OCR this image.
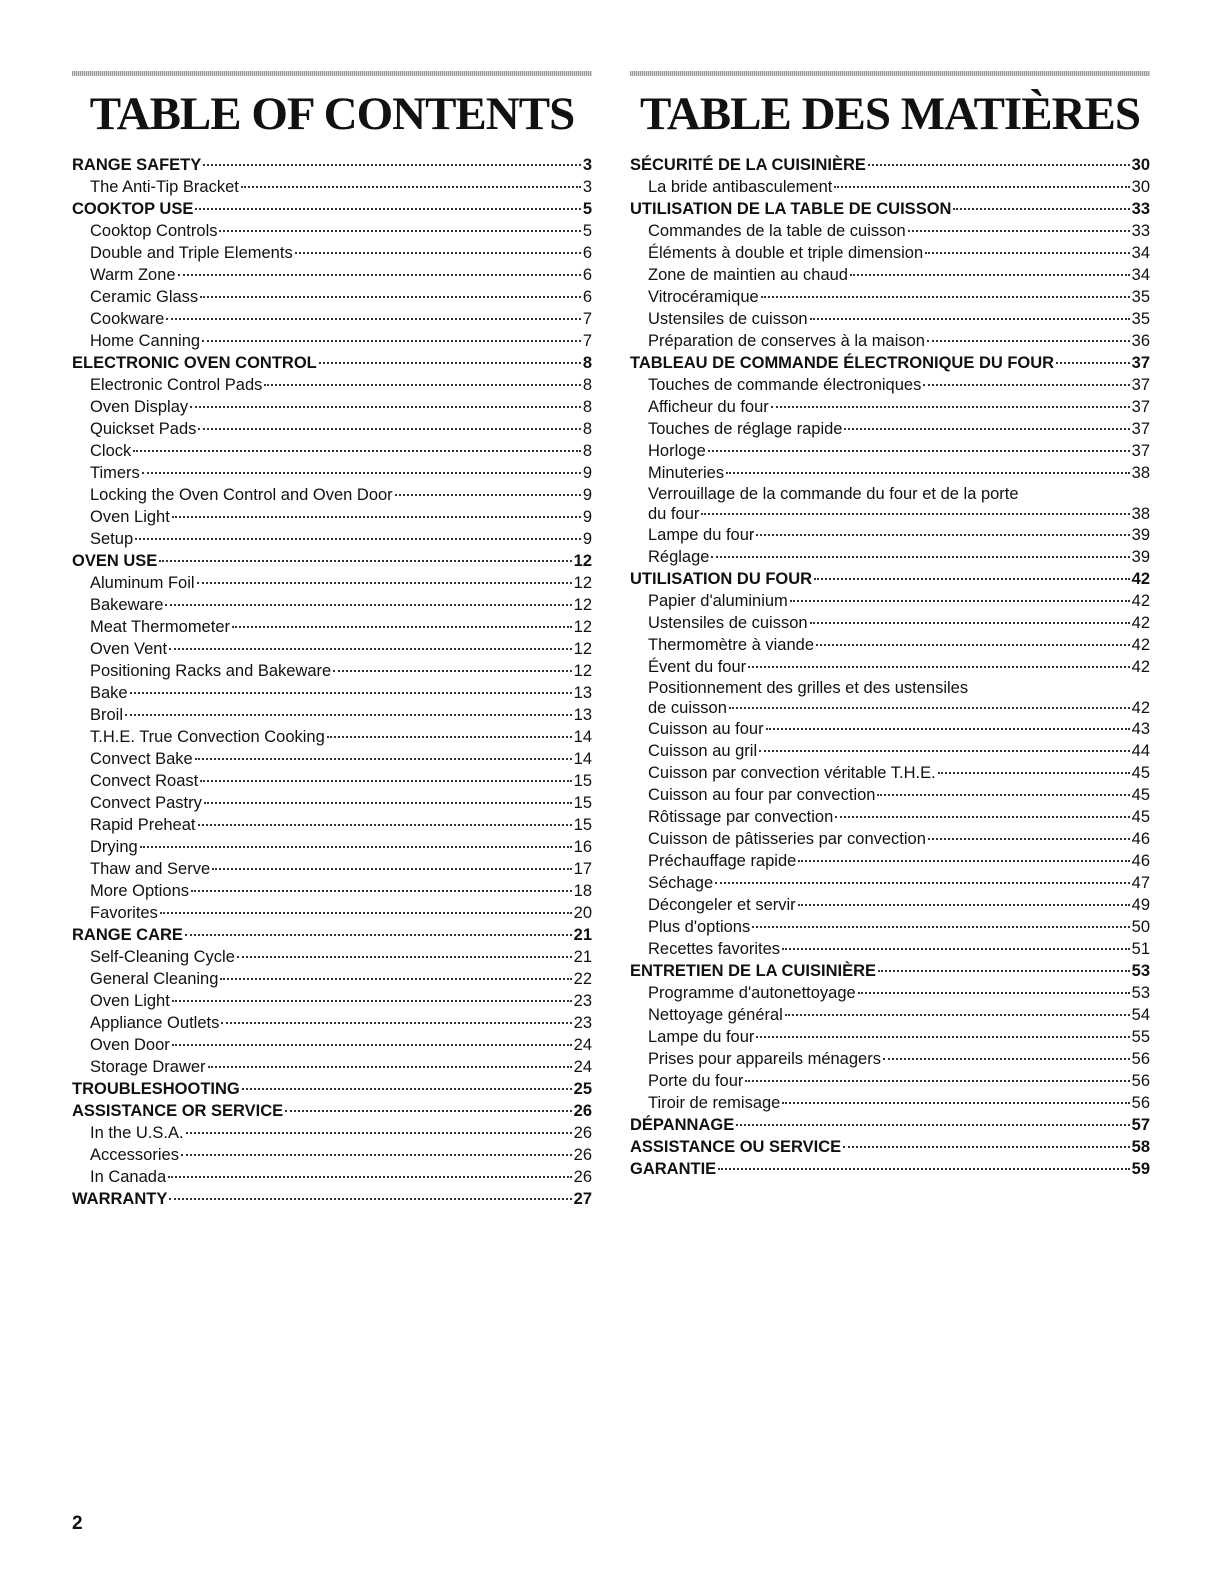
TABLE OF CONTENTS
RANGE SAFETY	3
The Anti-Tip Bracket	3
COOKTOP USE	5
Cooktop Controls	5
Double and Triple Elements	6
Warm Zone	6
Ceramic Glass	6
Cookware	7
Home Canning	7
ELECTRONIC OVEN CONTROL	8
Electronic Control Pads	8
Oven Display	8
Quickset Pads	8
Clock	8
Timers	9
Locking the Oven Control and Oven Door	9
Oven Light	9
Setup	9
OVEN USE	12
Aluminum Foil	12
Bakeware	12
Meat Thermometer	12
Oven Vent	12
Positioning Racks and Bakeware	12
Bake	13
Broil	13
T.H.E. True Convection Cooking	14
Convect Bake	14
Convect Roast	15
Convect Pastry	15
Rapid Preheat	15
Drying	16
Thaw and Serve	17
More Options	18
Favorites	20
RANGE CARE	21
Self-Cleaning Cycle	21
General Cleaning	22
Oven Light	23
Appliance Outlets	23
Oven Door	24
Storage Drawer	24
TROUBLESHOOTING	25
ASSISTANCE OR SERVICE	26
In the U.S.A.	26
Accessories	26
In Canada	26
WARRANTY	27
TABLE DES MATIÈRES
SÉCURITÉ DE LA CUISINIÈRE	30
La bride antibasculement	30
UTILISATION DE LA TABLE DE CUISSON	33
Commandes de la table de cuisson	33
Éléments à double et triple dimension	34
Zone de maintien au chaud	34
Vitrocéramique	35
Ustensiles de cuisson	35
Préparation de conserves à la maison	36
TABLEAU DE COMMANDE ÉLECTRONIQUE DU FOUR	37
Touches de commande électroniques	37
Afficheur du four	37
Touches de réglage rapide	37
Horloge	37
Minuteries	38
Verrouillage de la commande du four et de la porte
du four	38
Lampe du four	39
Réglage	39
UTILISATION DU FOUR	42
Papier d'aluminium	42
Ustensiles de cuisson	42
Thermomètre à viande	42
Évent du four	42
Positionnement des grilles et des ustensiles
de cuisson	42
Cuisson au four	43
Cuisson au gril	44
Cuisson par convection véritable T.H.E.	45
Cuisson au four par convection	45
Rôtissage par convection	45
Cuisson de pâtisseries par convection	46
Préchauffage rapide	46
Séchage	47
Décongeler et servir	49
Plus d'options	50
Recettes favorites	51
ENTRETIEN DE LA CUISINIÈRE	53
Programme d'autonettoyage	53
Nettoyage général	54
Lampe du four	55
Prises pour appareils ménagers	56
Porte du four	56
Tiroir de remisage	56
DÉPANNAGE	57
ASSISTANCE OU SERVICE	58
GARANTIE	59
2
